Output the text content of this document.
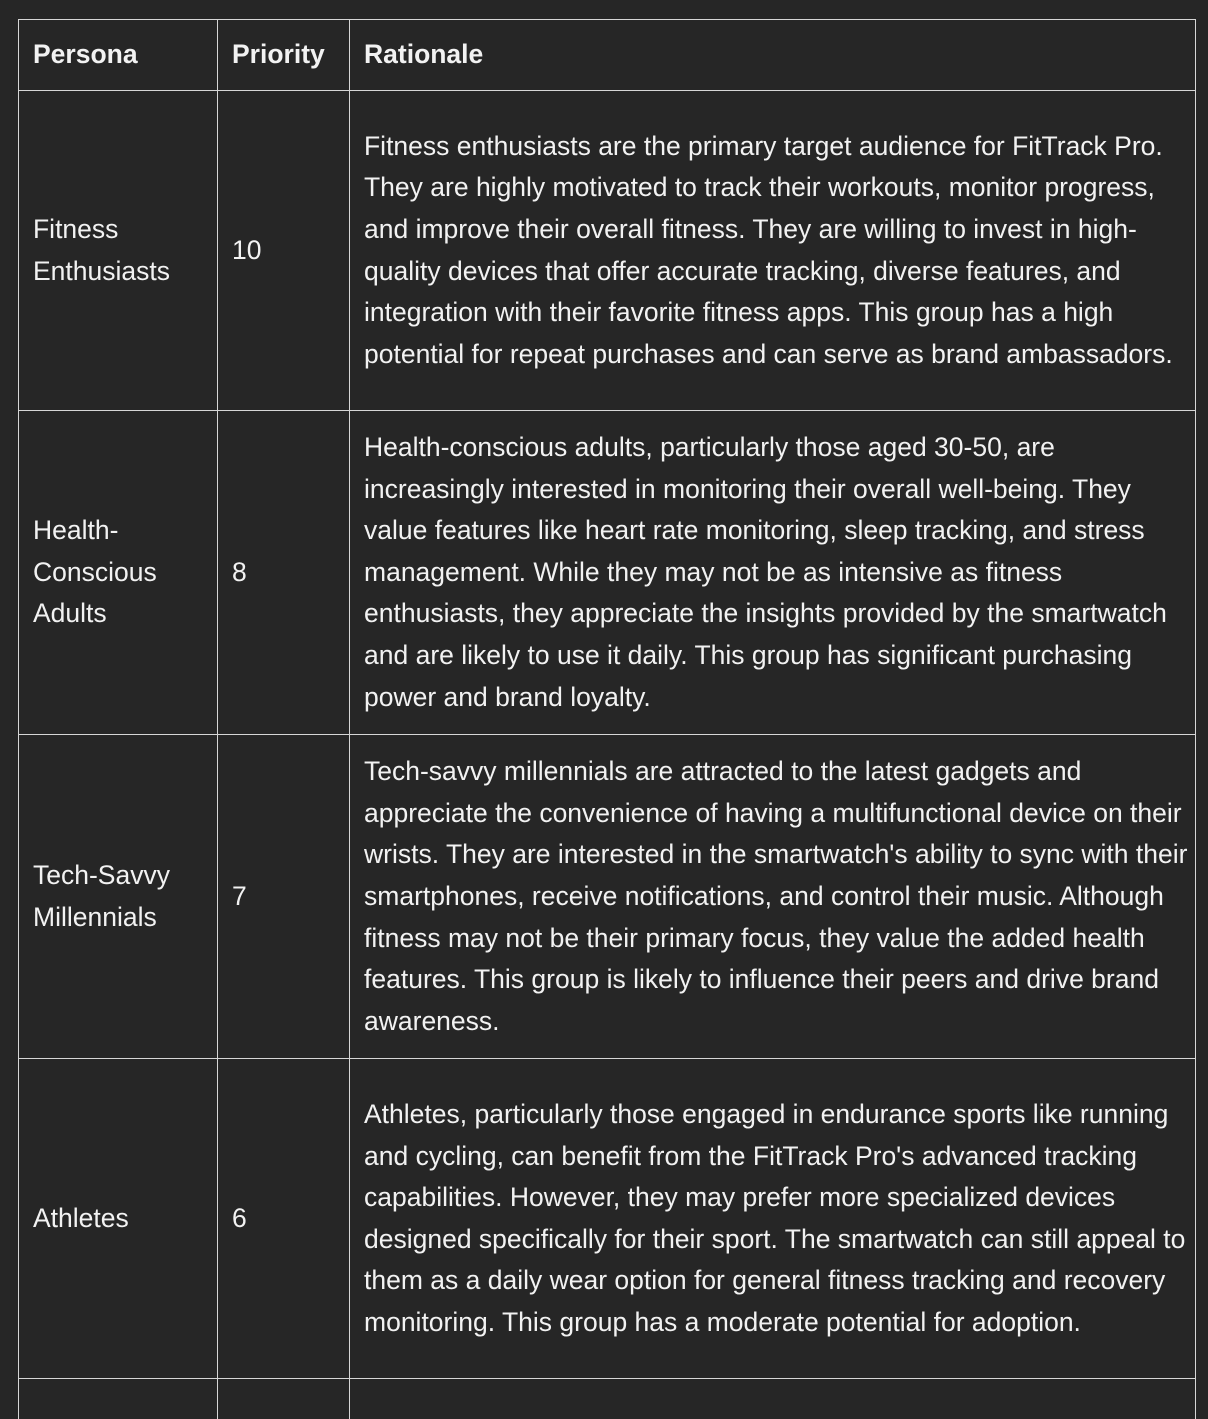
Persona	Priority	Rationale
Fitness Enthusiasts	10	Fitness enthusiasts are the primary target audience for FitTrack Pro. They are highly motivated to track their workouts, monitor progress, and improve their overall fitness. They are willing to invest in high-quality devices that offer accurate tracking, diverse features, and integration with their favorite fitness apps. This group has a high potential for repeat purchases and can serve as brand ambassadors.
Health-Conscious Adults	8	Health-conscious adults, particularly those aged 30-50, are increasingly interested in monitoring their overall well-being. They value features like heart rate monitoring, sleep tracking, and stress management. While they may not be as intensive as fitness enthusiasts, they appreciate the insights provided by the smartwatch and are likely to use it daily. This group has significant purchasing power and brand loyalty.
Tech-Savvy Millennials	7	Tech-savvy millennials are attracted to the latest gadgets and appreciate the convenience of having a multifunctional device on their wrists. They are interested in the smartwatch's ability to sync with their smartphones, receive notifications, and control their music. Although fitness may not be their primary focus, they value the added health features. This group is likely to influence their peers and drive brand awareness.
Athletes	6	Athletes, particularly those engaged in endurance sports like running and cycling, can benefit from the FitTrack Pro's advanced tracking capabilities. However, they may prefer more specialized devices designed specifically for their sport. The smartwatch can still appeal to them as a daily wear option for general fitness tracking and recovery monitoring. This group has a moderate potential for adoption.
